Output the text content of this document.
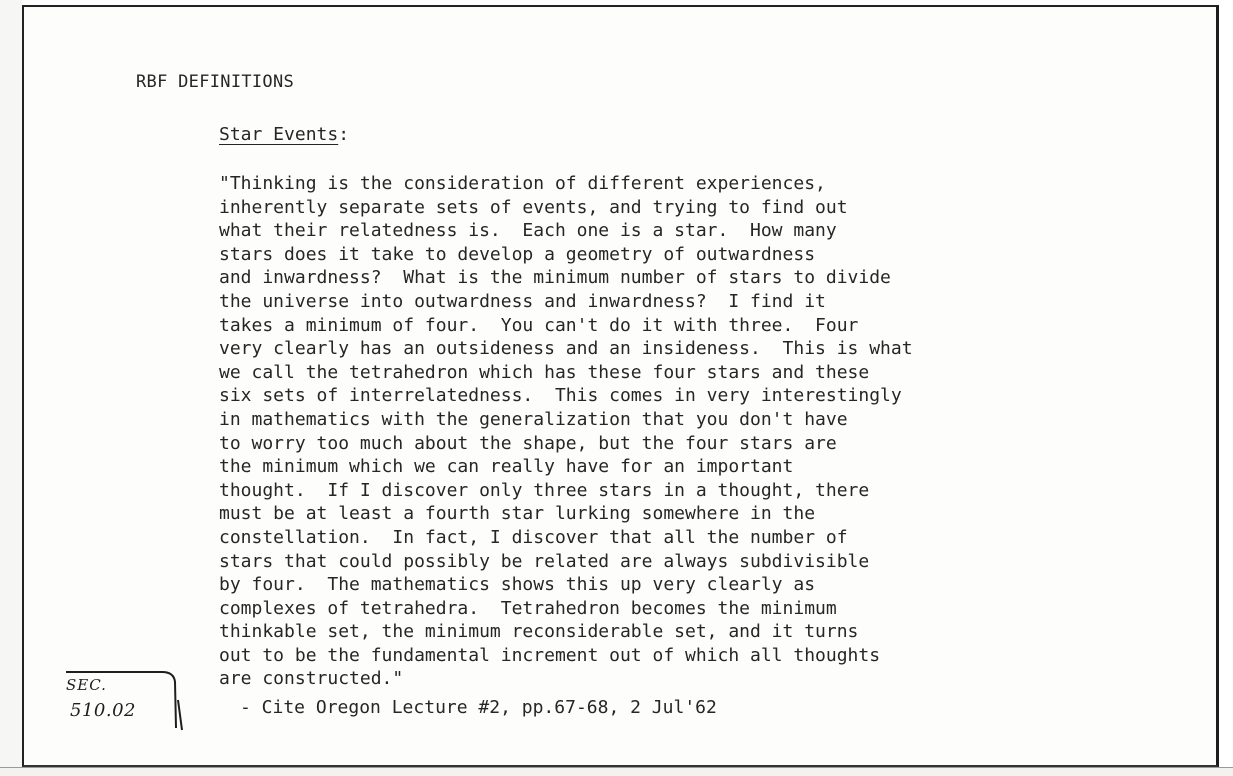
RBF DEFINITIONS
Star Events:
"Thinking is the consideration of different experiences,
inherently separate sets of events, and trying to find out
what their relatedness is.  Each one is a star.  How many
stars does it take to develop a geometry of outwardness
and inwardness?  What is the minimum number of stars to divide
the universe into outwardness and inwardness?  I find it
takes a minimum of four.  You can't do it with three.  Four
very clearly has an outsideness and an insideness.  This is what
we call the tetrahedron which has these four stars and these
six sets of interrelatedness.  This comes in very interestingly
in mathematics with the generalization that you don't have
to worry too much about the shape, but the four stars are
the minimum which we can really have for an important
thought.  If I discover only three stars in a thought, there
must be at least a fourth star lurking somewhere in the
constellation.  In fact, I discover that all the number of
stars that could possibly be related are always subdivisible
by four.  The mathematics shows this up very clearly as
complexes of tetrahedra.  Tetrahedron becomes the minimum
thinkable set, the minimum reconsiderable set, and it turns
out to be the fundamental increment out of which all thoughts
are constructed."
- Cite Oregon Lecture #2, pp.67-68, 2 Jul'62
SEC.
510.02
